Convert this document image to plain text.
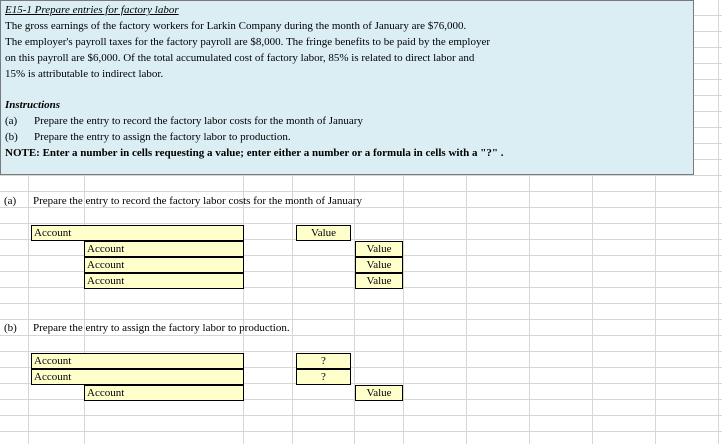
E15-1 Prepare entries for factory labor
The gross earnings of the factory workers for Larkin Company during the month of January are $76,000.
The employer's payroll taxes for the factory payroll are $8,000. The fringe benefits to be paid by the employer
on this payroll are $6,000. Of the total accumulated cost of factory labor, 85% is related to direct labor and
15% is attributable to indirect labor.
Instructions
(a) Prepare the entry to record the factory labor costs for the month of January
(b) Prepare the entry to assign the factory labor to production.
NOTE: Enter a number in cells requesting a value; enter either a number or a formula in cells with a "?" .
(a) Prepare the entry to record the factory labor costs for the month of January
Account	Value
Account	Value
Account	Value
Account	Value
(b) Prepare the entry to assign the factory labor to production.
Account	?
Account	?
Account	Value
